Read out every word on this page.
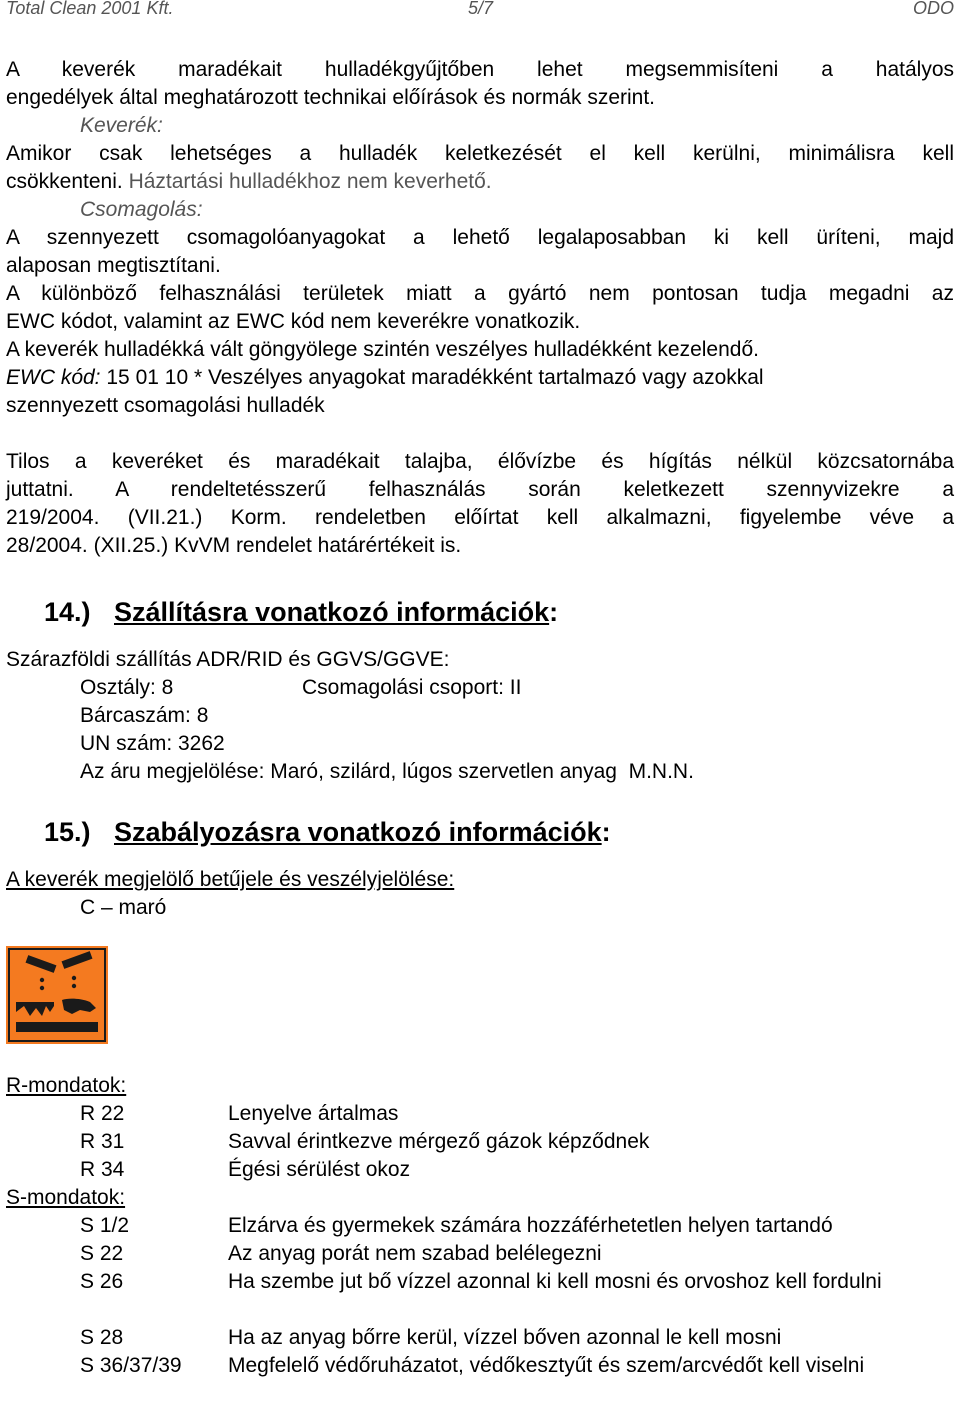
Total Clean 2001 Kft.	5/7	ODO
A keverék maradékait hulladékgyűjtőben lehet megsemmisíteni a hatályos
engedélyek által meghatározott technikai előírások és normák szerint.
Keverék:
Amikor csak lehetséges a hulladék keletkezését el kell kerülni, minimálisra kell
csökkenteni. Háztartási hulladékhoz nem keverhető.
Csomagolás:
A szennyezett csomagolóanyagokat a lehető legalaposabban ki kell üríteni, majd
alaposan megtisztítani.
A különböző felhasználási területek miatt a gyártó nem pontosan tudja megadni az
EWC kódot, valamint az EWC kód nem keverékre vonatkozik.
A keverék hulladékká vált göngyölege szintén veszélyes hulladékként kezelendő.
EWC kód: 15 01 10 * Veszélyes anyagokat maradékként tartalmazó vagy azokkal
szennyezett csomagolási hulladék
Tilos a keveréket és maradékait talajba, élővízbe és hígítás nélkül közcsatornába
juttatni. A rendeltetésszerű felhasználás során keletkezett szennyvizekre a
219/2004. (VII.21.) Korm. rendeletben előírtat kell alkalmazni, figyelembe véve a
28/2004. (XII.25.) KvVM rendelet határértékeit is.
14.) Szállításra vonatkozó információk:
Szárazföldi szállítás ADR/RID és GGVS/GGVE:
Osztály: 8	Csomagolási csoport: II
Bárcaszám: 8
UN szám: 3262
Az áru megjelölése: Maró, szilárd, lúgos szervetlen anyag  M.N.N.
15.) Szabályozásra vonatkozó információk:
A keverék megjelölő betűjele és veszélyjelölése:
C – maró
R-mondatok:
R 22	Lenyelve ártalmas
R 31	Savval érintkezve mérgező gázok képződnek
R 34	Égési sérülést okoz
S-mondatok:
S 1/2	Elzárva és gyermekek számára hozzáférhetetlen helyen tartandó
S 22	Az anyag porát nem szabad belélegezni
S 26	Ha szembe jut bő vízzel azonnal ki kell mosni és orvoshoz kell fordulni
S 28	Ha az anyag bőrre kerül, vízzel bőven azonnal le kell mosni
S 36/37/39 Megfelelő védőruházatot, védőkesztyűt és szem/arcvédőt kell viselni
